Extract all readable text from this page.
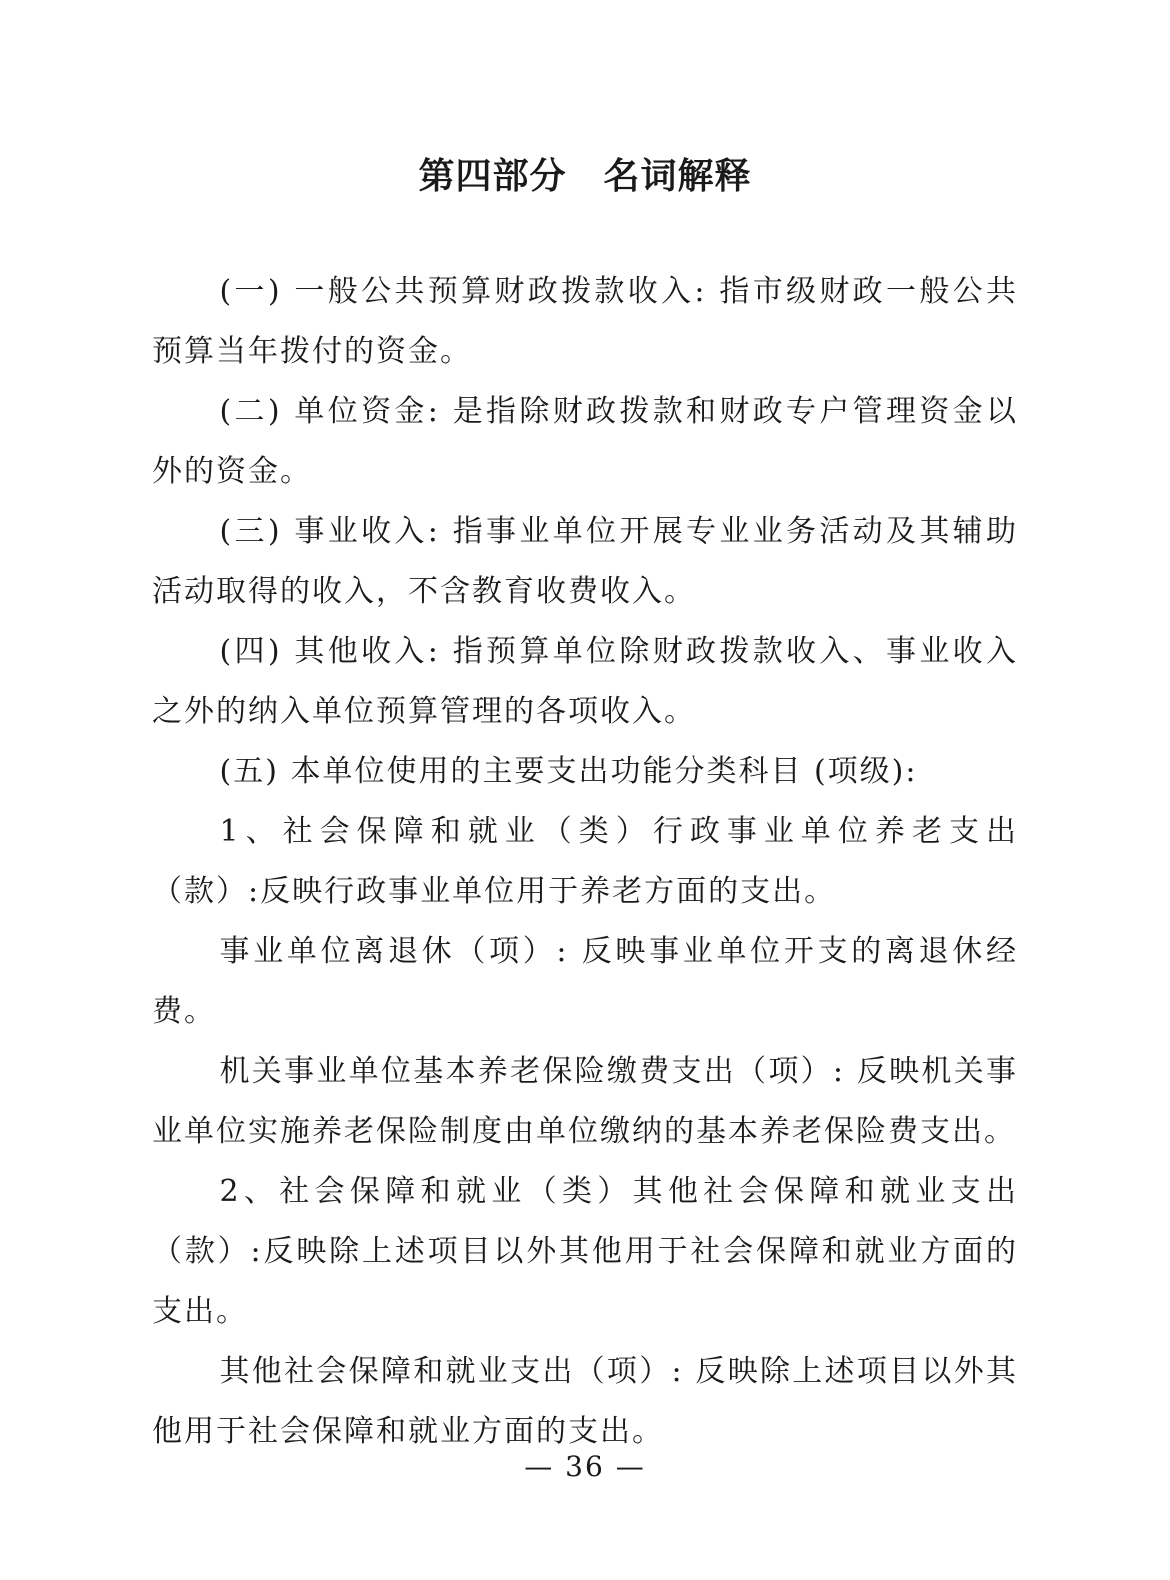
第四部分　名词解释

(一) 一般公共预算财政拨款收入: 指市级财政一般公共预算当年拨付的资金。

(二) 单位资金: 是指除财政拨款和财政专户管理资金以外的资金。

(三) 事业收入: 指事业单位开展专业业务活动及其辅助活动取得的收入，不含教育收费收入。

(四) 其他收入: 指预算单位除财政拨款收入、事业收入之外的纳入单位预算管理的各项收入。

(五) 本单位使用的主要支出功能分类科目 (项级):

1、社会保障和就业（类）行政事业单位养老支出（款）:反映行政事业单位用于养老方面的支出。

事业单位离退休（项）: 反映事业单位开支的离退休经费。

机关事业单位基本养老保险缴费支出（项）: 反映机关事业单位实施养老保险制度由单位缴纳的基本养老保险费支出。

2、社会保障和就业（类）其他社会保障和就业支出（款）:反映除上述项目以外其他用于社会保障和就业方面的支出。

其他社会保障和就业支出（项）: 反映除上述项目以外其他用于社会保障和就业方面的支出。

— 36 —
